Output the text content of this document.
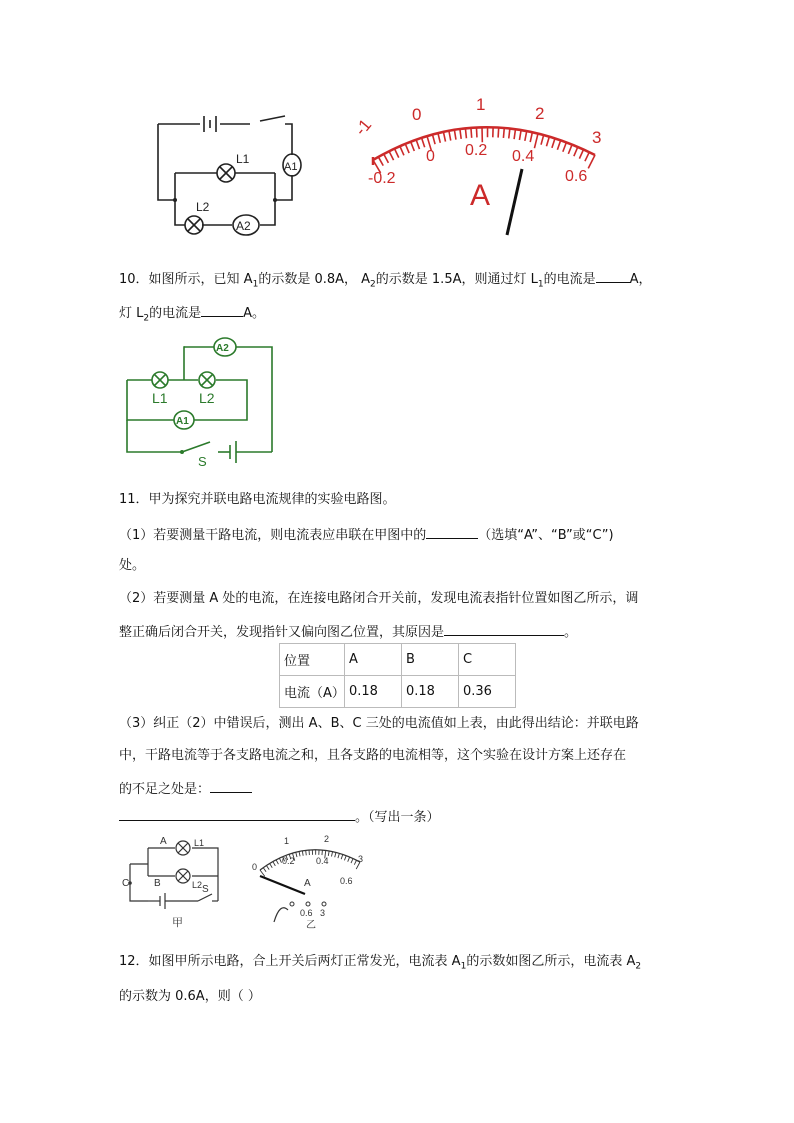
L1
A1
L2
A2
-1
0
1	2
3
-0.2
0 0.2 0.4
0.6
A
10．如图所示，已知 $A_1$的示数是 0.8A， $A_2$的示数是 1.5A，则通过灯 $L_1$的电流是	A，
灯 $L_2$的电流是	A。
A2
L1 L2
A1
S
11．甲为探究并联电路电流规律的实验电路图。
（1）若要测量干路电流，则电流表应串联在甲图中的	（选填“A”、“B”或“C”)
处。
（2）若要测量 A 处的电流，在连接电路闭合开关前，发现电流表指针位置如图乙所示，调
整正确后闭合开关，发现指针又偏向图乙位置，其原因是	。
位置	A	B	C
电流（A）	0.18	0.18	0.36
（3）纠正（2）中错误后，测出 A、B、C 三处的电流值如上表，由此得出结论：并联电路
中，干路电流等于各支路电流之和，且各支路的电流相等，这个实验在设计方案上还存在
的不足之处是：
。（写出一条）
A	L1
C B	L2 S
甲
0
1	2
3
0.2 0.4
0.6
A
0.6 3
乙
12．如图甲所示电路，合上开关后两灯正常发光，电流表 $A_1$的示数如图乙所示，电流表 $A_2$
的示数为 0.6A，则（ ）
